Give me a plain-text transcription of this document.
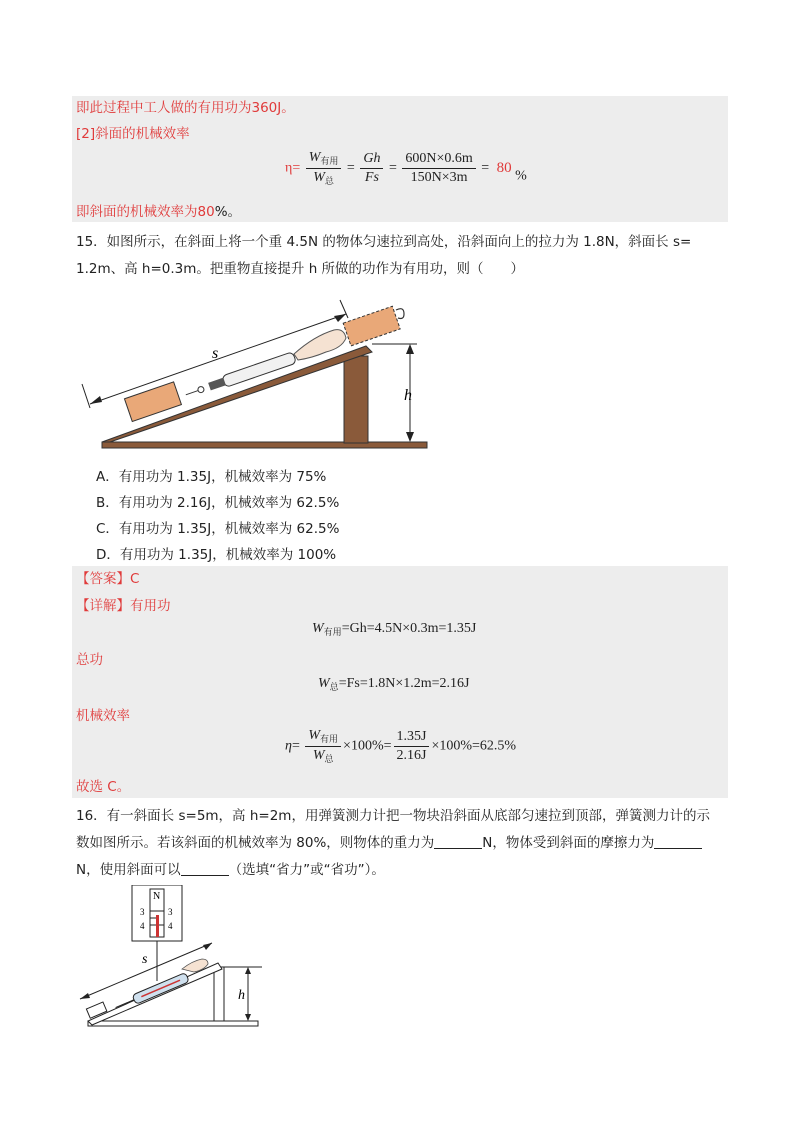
即此过程中工人做的有用功为360J。
[2]斜面的机械效率
$\eta= \frac{W_{有用}}{W_总} = \frac{Gh}{Fs} = \frac{600N\times 0.6m}{150N\times 3m} = 80$ %
即斜面的机械效率为80%。
15．如图所示，在斜面上将一个重 4.5N 的物体匀速拉到高处，沿斜面向上的拉力为 1.8N，斜面长 s=
1.2m、高 h=0.3m。把重物直接提升 h 所做的功作为有用功，则（　　）
s
h
A．有用功为 1.35J，机械效率为 75%
B．有用功为 2.16J，机械效率为 62.5%
C．有用功为 1.35J，机械效率为 62.5%
D．有用功为 1.35J，机械效率为 100%
【答案】C
【详解】有用功
$W_{有用}=Gh=4.5N\times 0.3m=1.35J$
总功
$W_总=Fs=1.8N\times 1.2m=2.16J$
机械效率
$\eta= \frac{W_{有用}}{W_总} \times 100\%= \frac{1.35J}{2.16J} \times 100\%=62.5\%$
故选 C。
16．有一斜面长 s=5m，高 h=2m，用弹簧测力计把一物块沿斜面从底部匀速拉到顶部，弹簧测力计的示
数如图所示。若该斜面的机械效率为 80%，则物体的重力为	N，物体受到斜面的摩擦力为
N，使用斜面可以	（选填“省力”或“省功”）。
s
h
N
3
4
3
4
